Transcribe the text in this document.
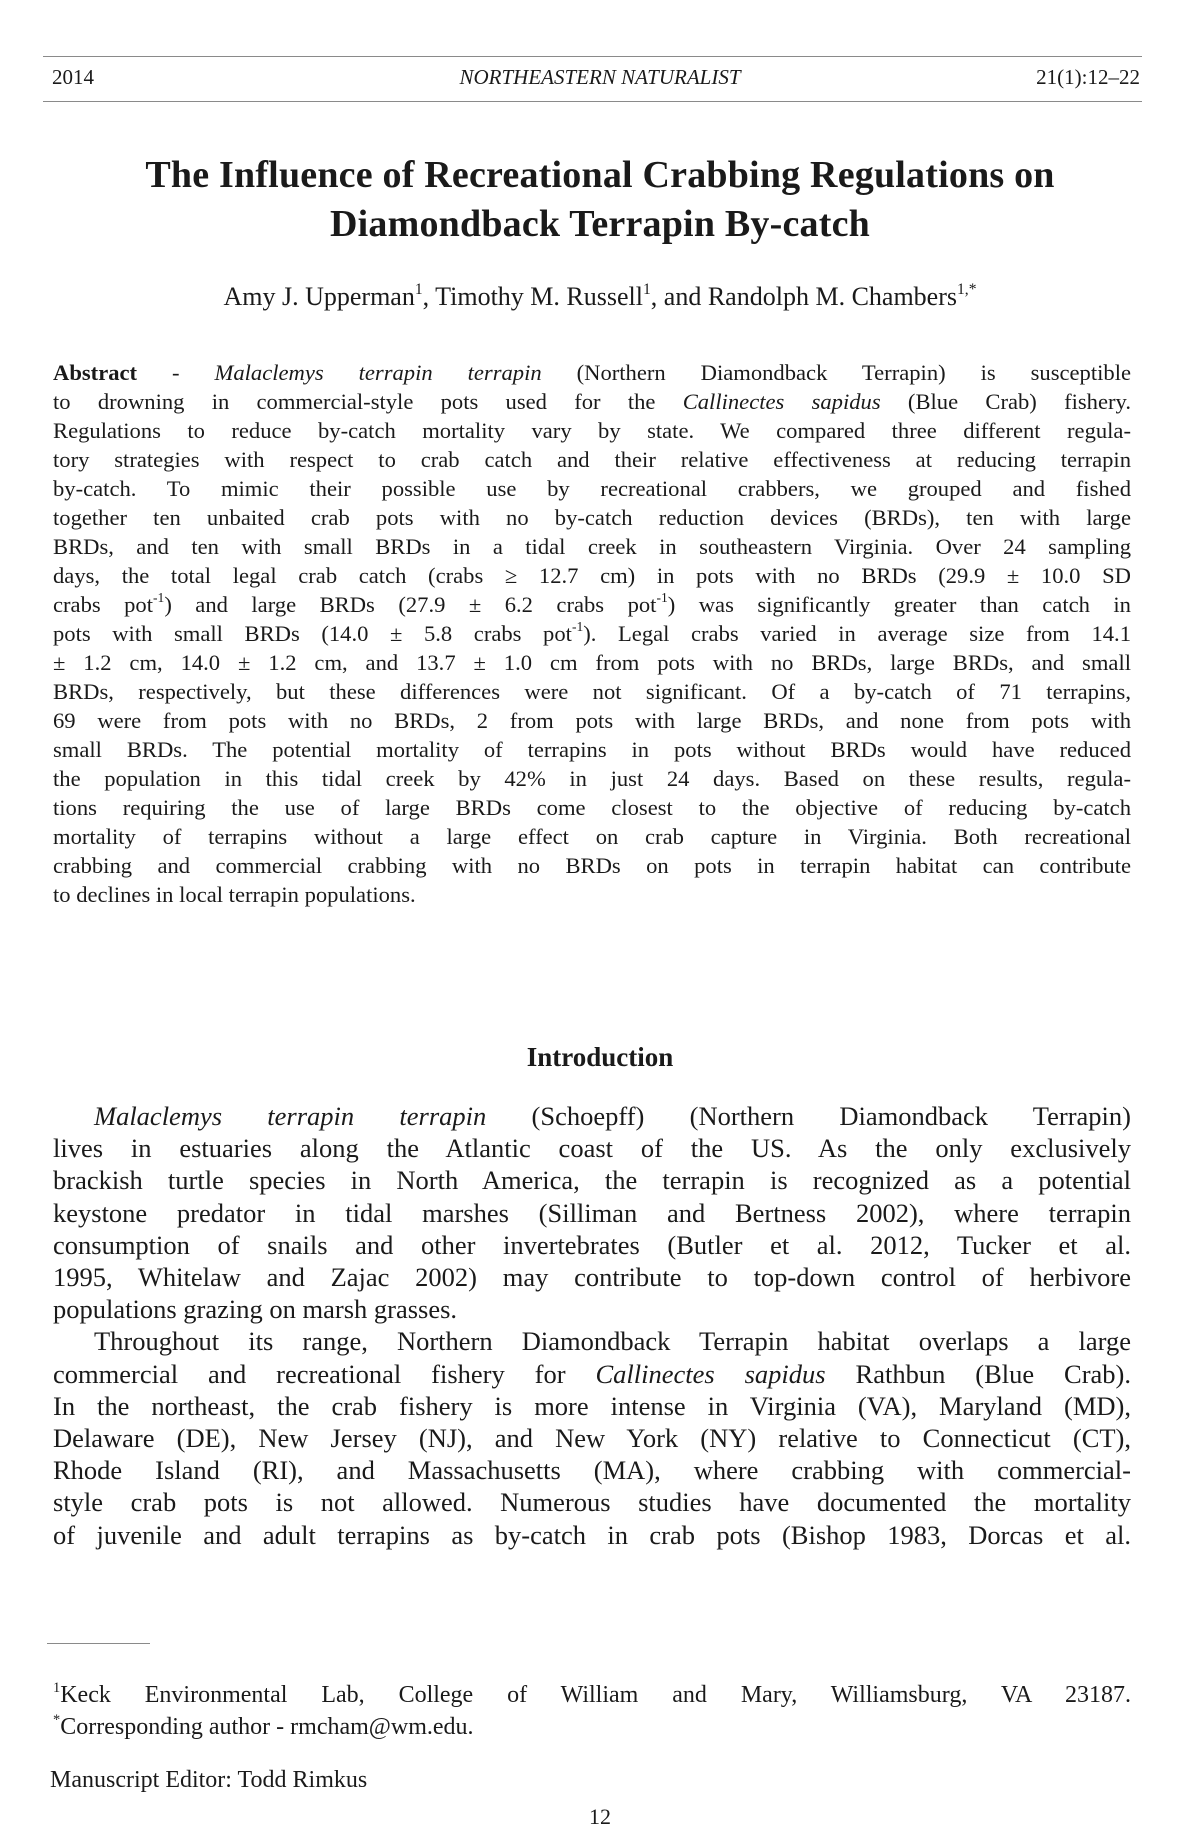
2014	NORTHEASTERN NATURALIST	21(1):12–22
The Influence of Recreational Crabbing Regulations on
Diamondback Terrapin By-catch
Amy J. Upperman$^1$, Timothy M. Russell$^1$, and Randolph M. Chambers$^{1,*}$
Abstract - Malaclemys terrapin terrapin (Northern Diamondback Terrapin) is susceptible
to drowning in commercial-style pots used for the Callinectes sapidus (Blue Crab) fishery.
Regulations to reduce by-catch mortality vary by state. We compared three different regula-
tory strategies with respect to crab catch and their relative effectiveness at reducing terrapin
by-catch. To mimic their possible use by recreational crabbers, we grouped and fished
together ten unbaited crab pots with no by-catch reduction devices (BRDs), ten with large
BRDs, and ten with small BRDs in a tidal creek in southeastern Virginia. Over 24 sampling
days, the total legal crab catch (crabs ≥ 12.7 cm) in pots with no BRDs (29.9 ± 10.0 SD
crabs pot$^{-1}$) and large BRDs (27.9 ± 6.2 crabs pot$^{-1}$) was significantly greater than catch in
pots with small BRDs (14.0 ± 5.8 crabs pot$^{-1}$). Legal crabs varied in average size from 14.1
± 1.2 cm, 14.0 ± 1.2 cm, and 13.7 ± 1.0 cm from pots with no BRDs, large BRDs, and small
BRDs, respectively, but these differences were not significant. Of a by-catch of 71 terrapins,
69 were from pots with no BRDs, 2 from pots with large BRDs, and none from pots with
small BRDs. The potential mortality of terrapins in pots without BRDs would have reduced
the population in this tidal creek by 42% in just 24 days. Based on these results, regula-
tions requiring the use of large BRDs come closest to the objective of reducing by-catch
mortality of terrapins without a large effect on crab capture in Virginia. Both recreational
crabbing and commercial crabbing with no BRDs on pots in terrapin habitat can contribute
to declines in local terrapin populations.
Introduction
Malaclemys terrapin terrapin (Schoepff) (Northern Diamondback Terrapin)
lives in estuaries along the Atlantic coast of the US. As the only exclusively
brackish turtle species in North America, the terrapin is recognized as a potential
keystone predator in tidal marshes (Silliman and Bertness 2002), where terrapin
consumption of snails and other invertebrates (Butler et al. 2012, Tucker et al.
1995, Whitelaw and Zajac 2002) may contribute to top-down control of herbivore
populations grazing on marsh grasses.
Throughout its range, Northern Diamondback Terrapin habitat overlaps a large
commercial and recreational fishery for Callinectes sapidus Rathbun (Blue Crab).
In the northeast, the crab fishery is more intense in Virginia (VA), Maryland (MD),
Delaware (DE), New Jersey (NJ), and New York (NY) relative to Connecticut (CT),
Rhode Island (RI), and Massachusetts (MA), where crabbing with commercial-
style crab pots is not allowed. Numerous studies have documented the mortality
of juvenile and adult terrapins as by-catch in crab pots (Bishop 1983, Dorcas et al.
$^1$Keck Environmental Lab, College of William and Mary, Williamsburg, VA 23187.
*Corresponding author - rmcham@wm.edu.
Manuscript Editor: Todd Rimkus
12
